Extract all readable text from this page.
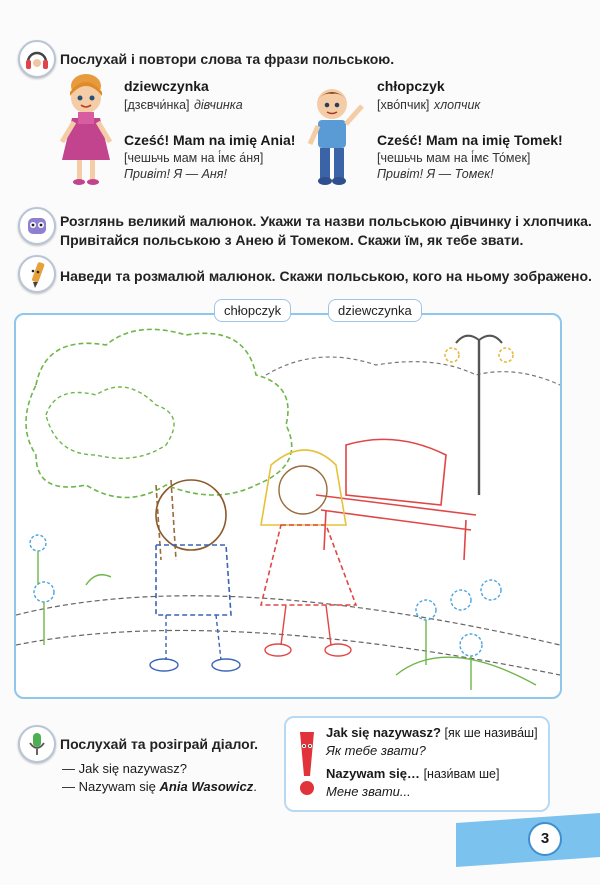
Послухай і повтори слова та фрази польською.
dziewczynka
[дзєвчи́нка] дівчинка
Cześć! Mam na imię Ania!
[чешьчь мам на і́мє а́ня]
Привіт! Я — Аня!
chłopczyk
[хво́пчик] хлопчик
Cześć! Mam na imię Tomek!
[чешьчь мам на і́мє То́мек]
Привіт! Я — Томек!
Розглянь великий малюнок. Укажи та назви польською дівчинку і хлопчика.
Привітайся польською з Анею й Томеком. Скажи їм, як тебе звати.
Наведи та розмалюй малюнок. Скажи польською, кого на ньому зображено.
chłopczyk	dziewczynka
Послухай та розіграй діалог.
— Jak się nazywasz?
— Nazywam się Ania Wasowicz.
Jak się nazywasz? [як ше назива́ш]
Як тебе звати?
Nazywam się… [нази́вам ше]
Мене звати...
3
